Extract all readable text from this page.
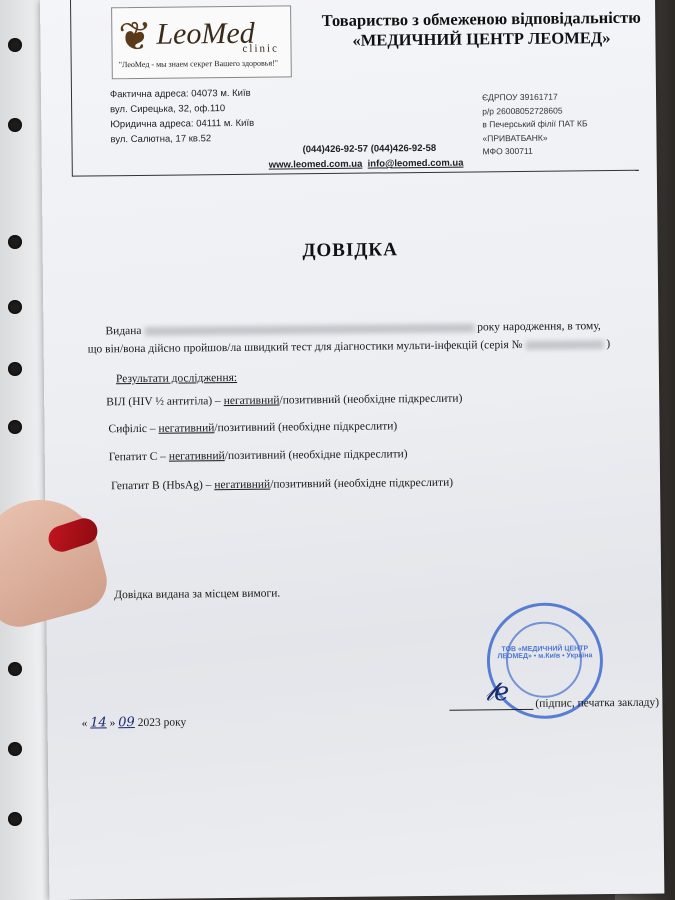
❦ LeoMed
clinic
"ЛеоМед - мы знаем секрет Вашего здоровья!"
Товариство з обмеженою відповідальністю
«МЕДИЧНИЙ ЦЕНТР ЛЕОМЕД»
Фактична адреса: 04073 м. Київ
вул. Сирецька, 32, оф.110
Юридична адреса: 04111 м. Київ
вул. Салютна, 17 кв.52
ЄДРПОУ 39161717
р/р 26008052728605
в Печерський філії ПАТ КБ «ПРИВАТБАНК»
МФО 300711
(044)426-92-57 (044)426-92-58
www.leomed.com.ua info@leomed.com.ua
ДОВІДКА
Видана	року народження, в тому,
що він/вона дійсно пройшов/ла швидкий тест для діагностики мульти-інфекцій (серія №	)
Результати дослідження:
ВІЛ (HIV ½ антитіла) – негативний/позитивний (необхідне підкреслити)
Сифіліс – негативний/позитивний (необхідне підкреслити)
Гепатит С – негативний/позитивний (необхідне підкреслити)
Гепатит В (HbsAg) – негативний/позитивний (необхідне підкреслити)
Довідка видана за місцем вимоги.
ТОВ «МЕДИЧНИЙ ЦЕНТР ЛЕОМЕД» • м.Київ • Україна
𝓁𝑒 (підпис, печатка закладу)
« 14 » 09 2023 року
